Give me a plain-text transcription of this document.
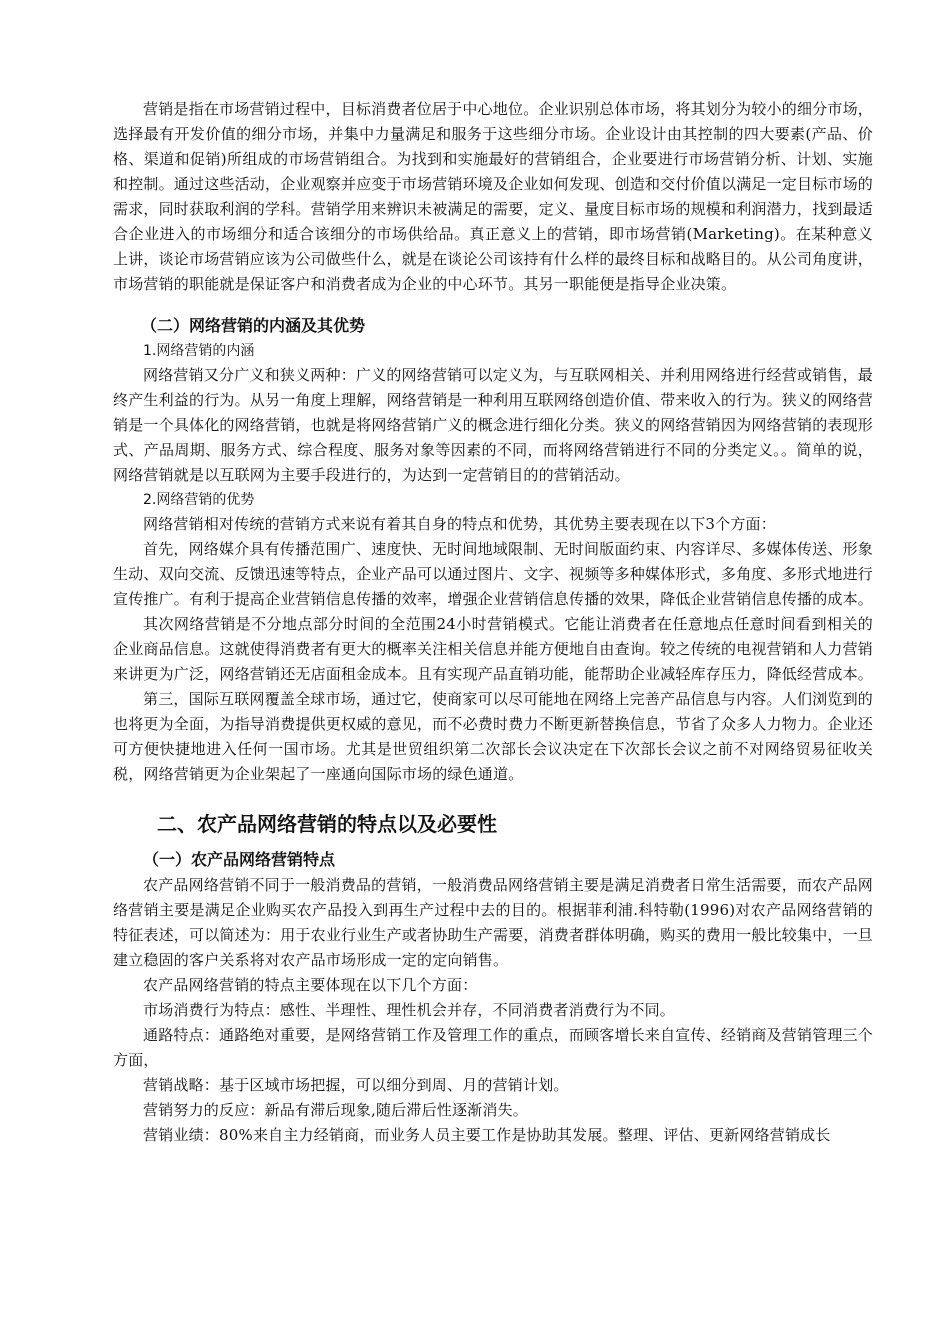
营销是指在市场营销过程中，目标消费者位居于中心地位。企业识别总体市场，将其划分为较小的细分市场，选择最有开发价值的细分市场，并集中力量满足和服务于这些细分市场。企业设计由其控制的四大要素(产品、价格、渠道和促销)所组成的市场营销组合。为找到和实施最好的营销组合，企业要进行市场营销分析、计划、实施和控制。通过这些活动，企业观察并应变于市场营销环境及企业如何发现、创造和交付价值以满足一定目标市场的需求，同时获取利润的学科。营销学用来辨识未被满足的需要，定义、量度目标市场的规模和利润潜力，找到最适合企业进入的市场细分和适合该细分的市场供给品。真正意义上的营销，即市场营销(Marketing)。在某种意义上讲，谈论市场营销应该为公司做些什么，就是在谈论公司该持有什么样的最终目标和战略目的。从公司角度讲，市场营销的职能就是保证客户和消费者成为企业的中心环节。其另一职能便是指导企业决策。

（二）网络营销的内涵及其优势
1.网络营销的内涵

网络营销又分广义和狭义两种：广义的网络营销可以定义为，与互联网相关、并利用网络进行经营或销售，最终产生利益的行为。从另一角度上理解，网络营销是一种利用互联网络创造价值、带来收入的行为。狭义的网络营销是一个具体化的网络营销，也就是将网络营销广义的概念进行细化分类。狭义的网络营销因为网络营销的表现形式、产品周期、服务方式、综合程度、服务对象等因素的不同，而将网络营销进行不同的分类定义。。简单的说，网络营销就是以互联网为主要手段进行的，为达到一定营销目的的营销活动。

2.网络营销的优势

网络营销相对传统的营销方式来说有着其自身的特点和优势，其优势主要表现在以下3个方面：

首先，网络媒介具有传播范围广、速度快、无时间地域限制、无时间版面约束、内容详尽、多媒体传送、形象生动、双向交流、反馈迅速等特点，企业产品可以通过图片、文字、视频等多种媒体形式，多角度、多形式地进行宣传推广。有利于提高企业营销信息传播的效率，增强企业营销信息传播的效果，降低企业营销信息传播的成本。

其次网络营销是不分地点部分时间的全范围24小时营销模式。它能让消费者在任意地点任意时间看到相关的企业商品信息。这就使得消费者有更大的概率关注相关信息并能方便地自由查询。较之传统的电视营销和人力营销来讲更为广泛，网络营销还无店面租金成本。且有实现产品直销功能，能帮助企业减轻库存压力，降低经营成本。

第三，国际互联网覆盖全球市场，通过它，使商家可以尽可能地在网络上完善产品信息与内容。人们浏览到的也将更为全面，为指导消费提供更权威的意见，而不必费时费力不断更新替换信息，节省了众多人力物力。企业还可方便快捷地进入任何一国市场。尤其是世贸组织第二次部长会议决定在下次部长会议之前不对网络贸易征收关税，网络营销更为企业架起了一座通向国际市场的绿色通道。

二、农产品网络营销的特点以及必要性
（一）农产品网络营销特点

农产品网络营销不同于一般消费品的营销，一般消费品网络营销主要是满足消费者日常生活需要，而农产品网络营销主要是满足企业购买农产品投入到再生产过程中去的目的。根据菲利浦.科特勒(1996)对农产品网络营销的特征表述，可以简述为：用于农业行业生产或者协助生产需要，消费者群体明确，购买的费用一般比较集中，一旦建立稳固的客户关系将对农产品市场形成一定的定向销售。

农产品网络营销的特点主要体现在以下几个方面：

市场消费行为特点：感性、半理性、理性机会并存，不同消费者消费行为不同。

通路特点：通路绝对重要，是网络营销工作及管理工作的重点，而顾客增长来自宣传、经销商及营销管理三个方面，

营销战略：基于区域市场把握，可以细分到周、月的营销计划。

营销努力的反应：新品有滞后现象,随后滞后性逐渐消失。

营销业绩：80%来自主力经销商，而业务人员主要工作是协助其发展。整理、评估、更新网络营销成长
